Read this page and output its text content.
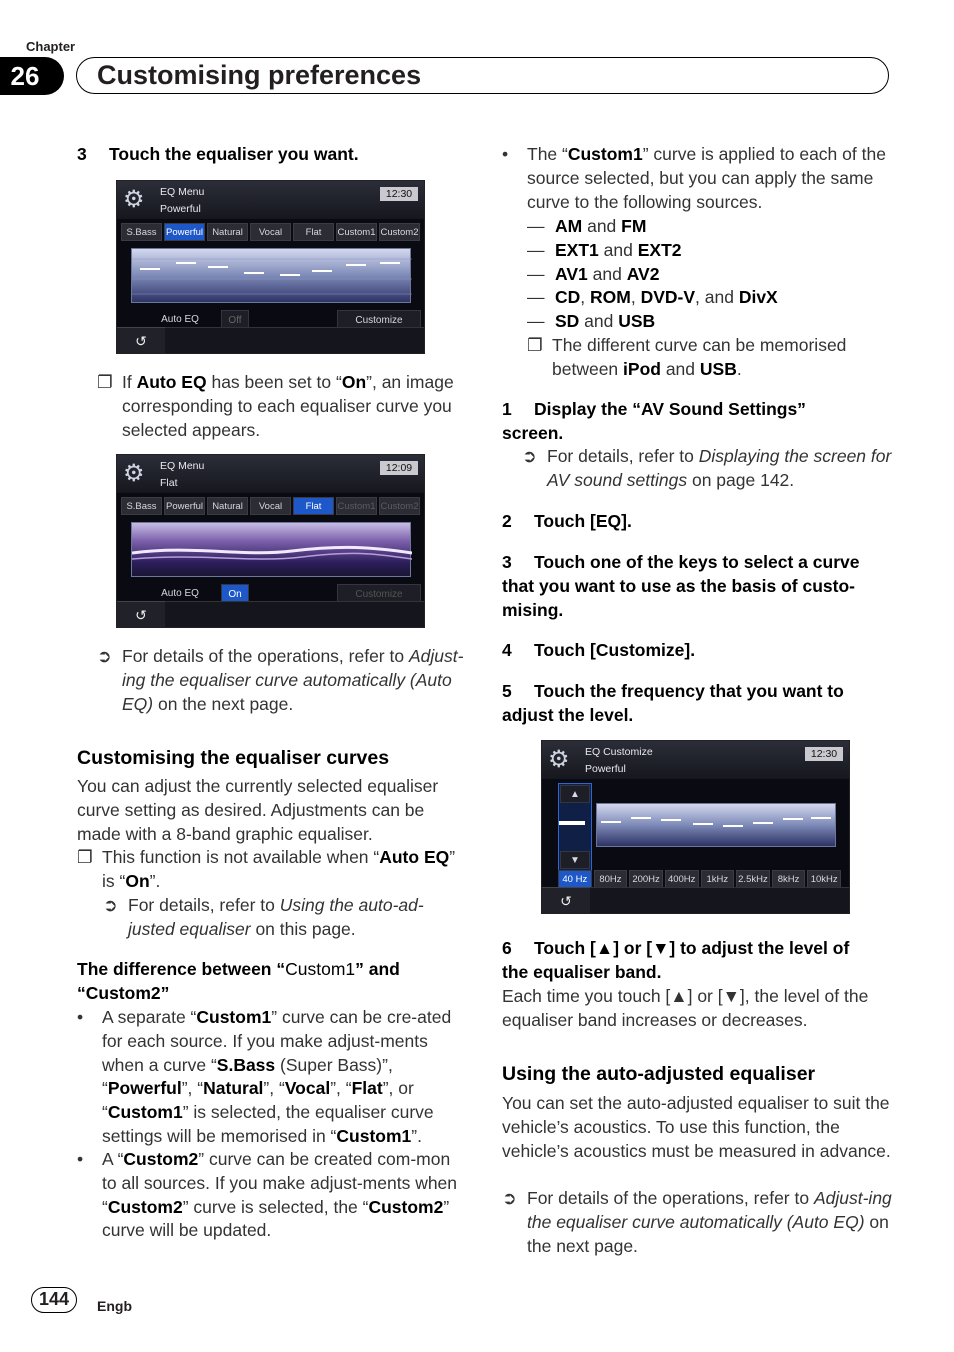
Chapter
26	Customising preferences
3 Touch the equaliser you want.
⚙	EQ Menu
Powerful
12:30
S.Bass Powerful Natural	Vocal	Flat	Custom1 Custom2
Auto EQ	Off	Customize
↺
❐ If Auto EQ has been set to “On”, an image corresponding to each equaliser curve you selected appears.
⚙	EQ Menu
Flat
12:09
S.Bass Powerful Natural	Vocal	Flat	Custom1 Custom2
Auto EQ	On	Customize
↺
➲ For details of the operations, refer to Adjust-ing the equaliser curve automatically (Auto EQ) on the next page.
Customising the equaliser curves
You can adjust the currently selected equaliser curve setting as desired. Adjustments can be made with a 8-band graphic equaliser.
❐ This function is not available when “Auto EQ” is “On”.
➲ For details, refer to Using the auto-ad-justed equaliser on this page.
The difference between “Custom1” and “Custom2”
• A separate “Custom1” curve can be cre-ated for each source. If you make adjust-ments when a curve “S.Bass (Super Bass)”, “Powerful”, “Natural”, “Vocal”, “Flat”, or “Custom1” is selected, the equaliser curve settings will be memorised in “Custom1”.
• A “Custom2” curve can be created com-mon to all sources. If you make adjust-ments when “Custom2” curve is selected, the “Custom2” curve will be updated.
• The “Custom1” curve is applied to each of the source selected, but you can apply the same curve to the following sources.
— AM and FM
— EXT1 and EXT2
— AV1 and AV2
— CD, ROM, DVD-V, and DivX
— SD and USB
❐ The different curve can be memorised between iPod and USB.
1 Display the “AV Sound Settings”
screen.
➲ For details, refer to Displaying the screen for AV sound settings on page 142.
2 Touch [EQ].
3 Touch one of the keys to select a curve
that you want to use as the basis of custo-
mising.
4 Touch [Customize].
5 Touch the frequency that you want to
adjust the level.
⚙	EQ Customize
Powerful
12:30
▲
▼
40 Hz	80Hz	200Hz 400Hz	1kHz	2.5kHz	8kHz	10kHz
↺
6 Touch [▲] or [▼] to adjust the level of
the equaliser band.
Each time you touch [▲] or [▼], the level of the equaliser band increases or decreases.
Using the auto-adjusted equaliser
You can set the auto-adjusted equaliser to suit the vehicle’s acoustics. To use this function, the vehicle’s acoustics must be measured in advance.
➲ For details of the operations, refer to Adjust-ing the equaliser curve automatically (Auto EQ) on the next page.
144	Engb
